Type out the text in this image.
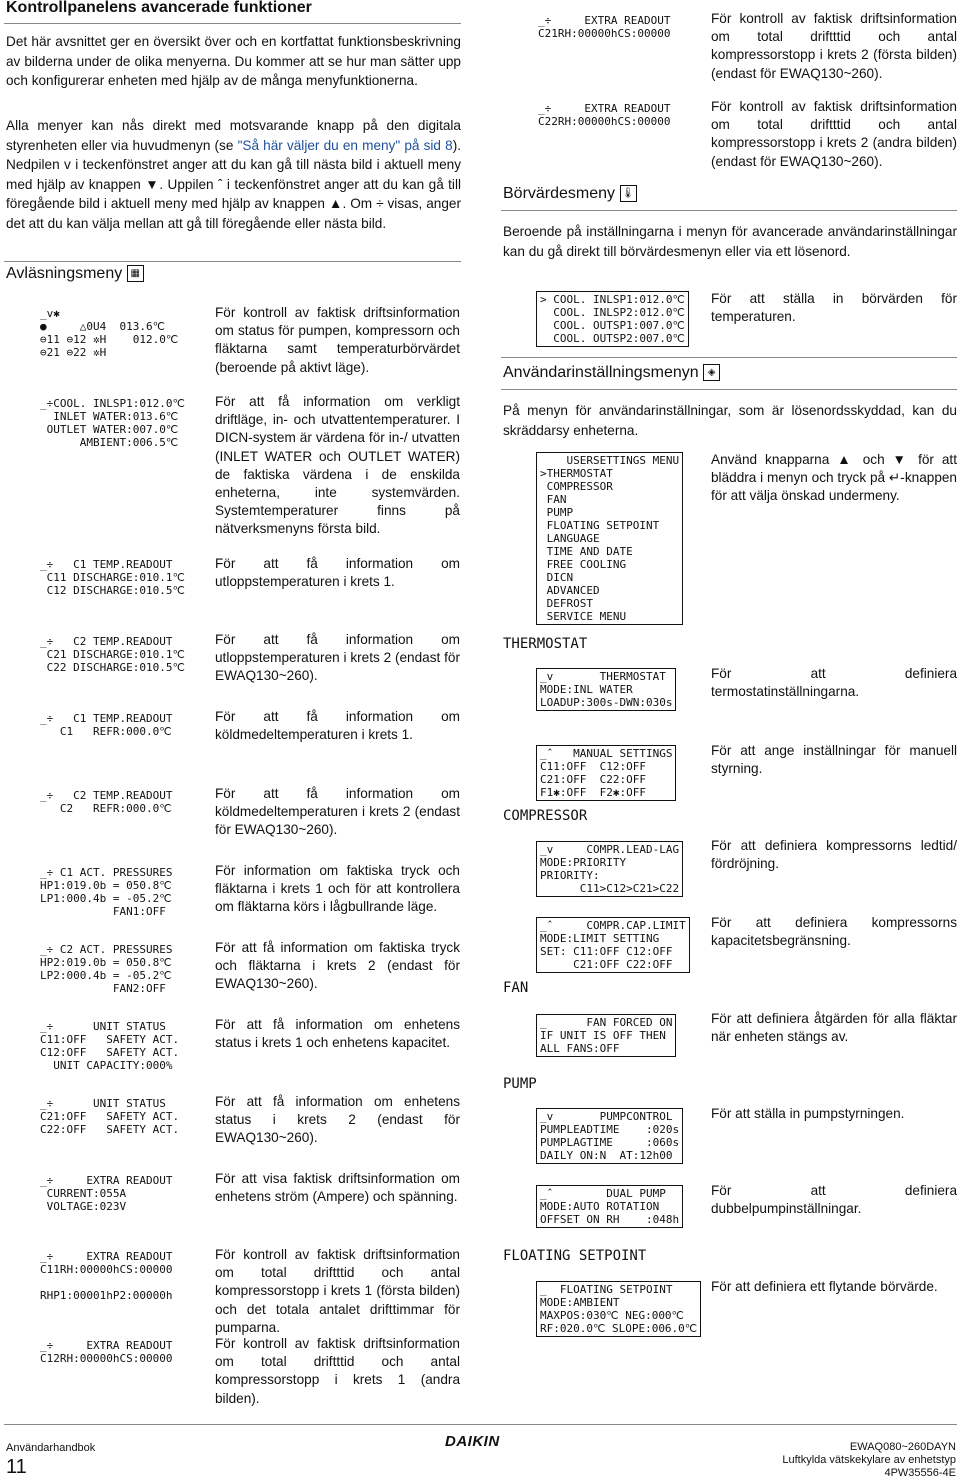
Kontrollpanelens avancerade funktioner
Det här avsnittet ger en översikt över och en kortfattat funktionsbeskrivning av bilderna under de olika menyerna. Du kommer att se hur man sätter upp och konfigurerar enheten med hjälp av de många menyfunktionerna.
Alla menyer kan nås direkt med motsvarande knapp på den digitala styrenheten eller via huvudmenyn (se "Så här väljer du en meny" på sid 8). Nedpilen v i teckenfönstret anger att du kan gå till nästa bild i aktuell meny med hjälp av knappen ▼. Uppilen ˆ i teckenfönstret anger att du kan gå till föregående bild i aktuell meny med hjälp av knappen ▲. Om ÷ visas, anger det att du kan välja mellan att gå till föregående eller nästa bild.
Avläsningsmeny ▦
_v✱
●     △0U4  013.6℃
⊖11 ⊖12 ✲H    012.0℃
⊖21 ⊖22 ✲H
För kontroll av faktisk driftsinformation om status för pumpen, kompressorn och fläktarna samt temperaturbörvärdet (beroende på aktivt läge).
_÷COOL. INLSP1:012.0℃
INLET WATER:013.6℃
OUTLET WATER:007.0℃
AMBIENT:006.5℃
För att få information om verkligt driftläge, in- och utvattentemperaturer. I DICN-system är värdena för in-/ utvatten (INLET WATER och OUTLET WATER) de faktiska värdena i de enskilda enheterna, inte systemvärden. Systemtemperaturer finns på nätverksmenyns första bild.
_÷   C1 TEMP.READOUT
C11 DISCHARGE:010.1℃
C12 DISCHARGE:010.5℃
För att få information om utloppstemperaturen i krets 1.
_÷   C2 TEMP.READOUT
C21 DISCHARGE:010.1℃
C22 DISCHARGE:010.5℃
För att få information om utloppstemperaturen i krets 2 (endast för EWAQ130~260).
_÷   C1 TEMP.READOUT
C1   REFR:000.0℃
För att få information om köldmedeltemperaturen i krets 1.
_÷   C2 TEMP.READOUT
C2   REFR:000.0℃
För att få information om köldmedeltemperaturen i krets 2 (endast för EWAQ130~260).
_÷ C1 ACT. PRESSURES
HP1:019.0b = 050.8℃
LP1:000.4b = -05.2℃
FAN1:OFF
För information om faktiska tryck och fläktarna i krets 1 och för att kontrollera om fläktarna körs i lågbullrande läge.
_÷ C2 ACT. PRESSURES
HP2:019.0b = 050.8℃
LP2:000.4b = -05.2℃
FAN2:OFF
För att få information om faktiska tryck och fläktarna i krets 2 (endast för EWAQ130~260).
_÷      UNIT STATUS
C11:OFF   SAFETY ACT.
C12:OFF   SAFETY ACT.
UNIT CAPACITY:000%
För att få information om enhetens status i krets 1 och enhetens kapacitet.
_÷      UNIT STATUS
C21:OFF   SAFETY ACT.
C22:OFF   SAFETY ACT.
För att få information om enhetens status i krets 2 (endast för EWAQ130~260).
_÷     EXTRA READOUT
CURRENT:055A
VOLTAGE:023V
För att visa faktisk driftsinformation om enhetens ström (Ampere) och spänning.
_÷     EXTRA READOUT
C11RH:00000hCS:00000

RHP1:00001hP2:00000h
För kontroll av faktisk driftsinformation om total driftttid och antal kompressorstopp i krets 1 (första bilden) och det totala antalet drifttimmar för pumparna.
_÷     EXTRA READOUT
C12RH:00000hCS:00000
För kontroll av faktisk driftsinformation om total driftttid och antal kompressorstopp i krets 1 (andra bilden).
_÷     EXTRA READOUT
C21RH:00000hCS:00000
För kontroll av faktisk driftsinformation om total driftttid och antal kompressorstopp i krets 2 (första bilden) (endast för EWAQ130~260).
_÷     EXTRA READOUT
C22RH:00000hCS:00000
För kontroll av faktisk driftsinformation om total driftttid och antal kompressorstopp i krets 2 (andra bilden) (endast för EWAQ130~260).
Börvärdesmeny 🌡
Beroende på inställningarna i menyn för avancerade användarinställningar kan du gå direkt till börvärdesmenyn eller via ett lösenord.
> COOL. INLSP1:012.0℃
COOL. INLSP2:012.0℃
COOL. OUTSP1:007.0℃
COOL. OUTSP2:007.0℃
För att ställa in börvärden för temperaturen.
Användarinställningsmenyn ◈
På menyn för användarinställningar, som är lösenordsskyddad, kan du skräddarsy enheterna.
USERSETTINGS MENU
>THERMOSTAT
COMPRESSOR
FAN
PUMP
FLOATING SETPOINT
LANGUAGE
TIME AND DATE
FREE COOLING
DICN
ADVANCED
DEFROST
SERVICE MENU
Använd knapparna ▲ och ▼ för att bläddra i menyn och tryck på ↵-knappen för att välja önskad undermeny.
THERMOSTAT
_v       THERMOSTAT
MODE:INL WATER
LOADUP:300s-DWN:030s
För att definiera termostatinställningarna.
_ˆ   MANUAL SETTINGS
C11:OFF  C12:OFF
C21:OFF  C22:OFF
F1✱:OFF  F2✱:OFF
För att ange inställningar för manuell styrning.
COMPRESSOR
_v     COMPR.LEAD-LAG
MODE:PRIORITY
PRIORITY:
C11>C12>C21>C22
För att definiera kompressorns ledtid/ fördröjning.
_ˆ     COMPR.CAP.LIMIT
MODE:LIMIT SETTING
SET: C11:OFF C12:OFF
C21:OFF C22:OFF
För att definiera kompressorns kapacitetsbegränsning.
FAN
_      FAN FORCED ON
IF UNIT IS OFF THEN
ALL FANS:OFF
För att definiera åtgärden för alla fläktar när enheten stängs av.
PUMP
_v       PUMPCONTROL
PUMPLEADTIME    :020s
PUMPLAGTIME     :060s
DAILY ON:N  AT:12h00
För att ställa in pumpstyrningen.
_ˆ        DUAL PUMP
MODE:AUTO ROTATION
OFFSET ON RH    :048h
För att definiera dubbelpumpinställningar.
FLOATING SETPOINT
_  FLOATING SETPOINT
MODE:AMBIENT
MAXPOS:030℃ NEG:000℃
RF:020.0℃ SLOPE:006.0℃
För att definiera ett flytande börvärde.
Användarhandbok
11
DAIKIN	EWAQ080~260DAYN
Luftkylda vätskekylare av enhetstyp
4PW35556-4E
